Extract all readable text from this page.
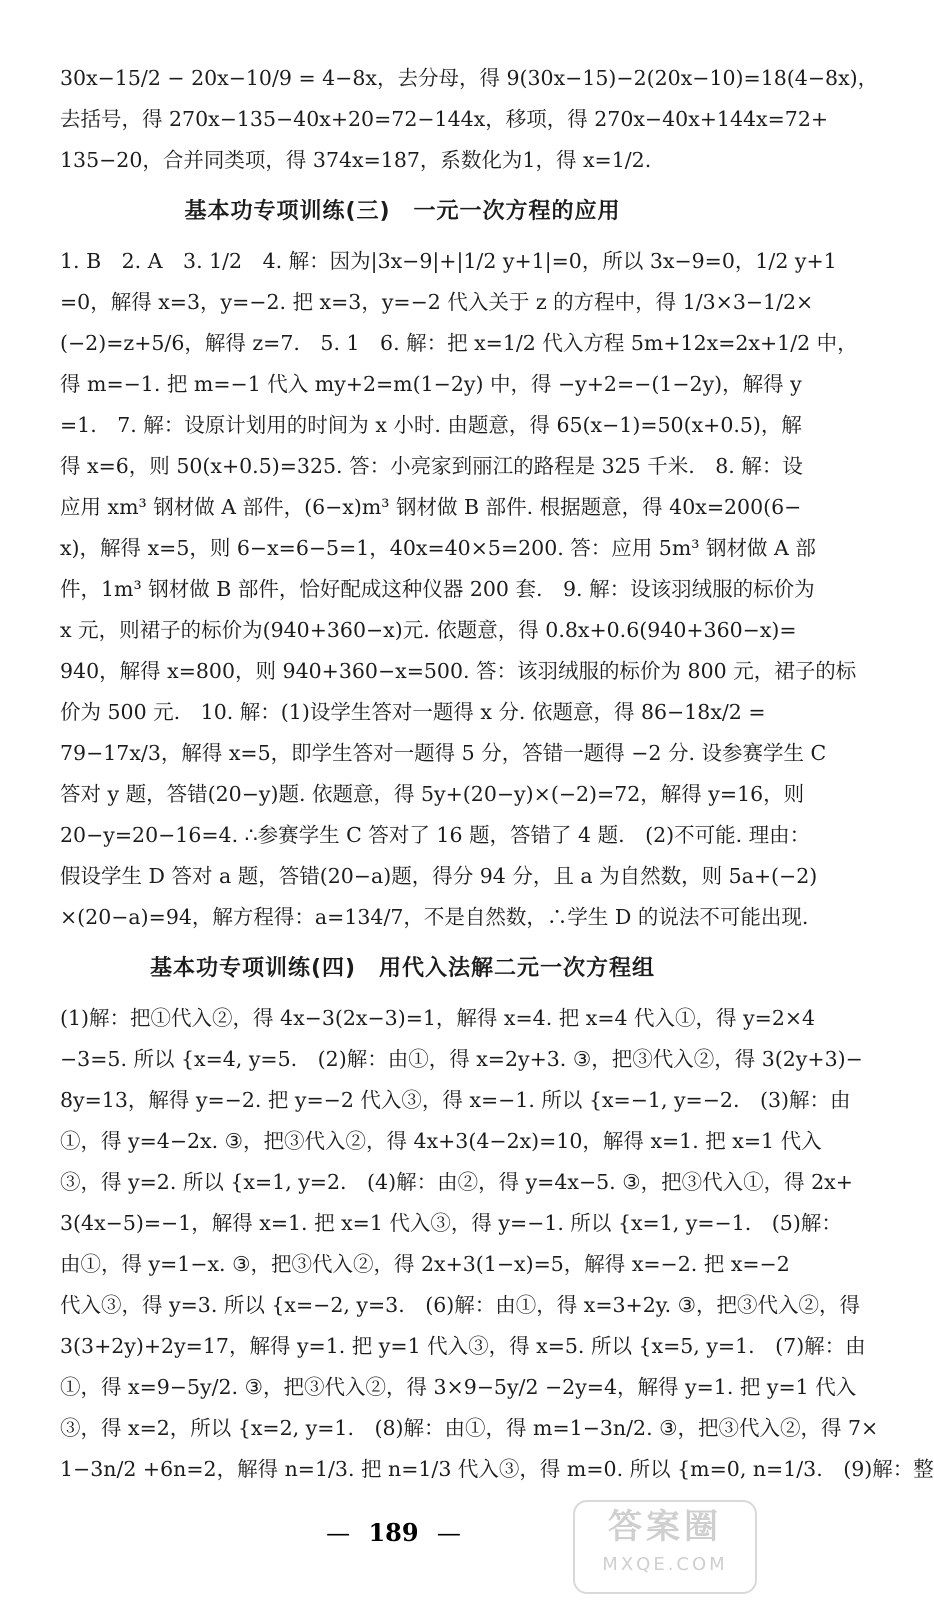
30x−15/2 − 20x−10/9 = 4−8x，去分母，得 9(30x−15)−2(20x−10)=18(4−8x)，
去括号，得 270x−135−40x+20=72−144x，移项，得 270x−40x+144x=72+
135−20，合并同类项，得 374x=187，系数化为1，得 x=1/2.
基本功专项训练(三)　一元一次方程的应用
1. B　2. A　3. 1/2　4. 解：因为|3x−9|+|1/2 y+1|=0，所以 3x−9=0，1/2 y+1
=0，解得 x=3，y=−2. 把 x=3，y=−2 代入关于 z 的方程中，得 1/3×3−1/2×
(−2)=z+5/6，解得 z=7.　5. 1　6. 解：把 x=1/2 代入方程 5m+12x=2x+1/2 中，
得 m=−1. 把 m=−1 代入 my+2=m(1−2y) 中，得 −y+2=−(1−2y)，解得 y
=1.　7. 解：设原计划用的时间为 x 小时. 由题意，得 65(x−1)=50(x+0.5)，解
得 x=6，则 50(x+0.5)=325. 答：小亮家到丽江的路程是 325 千米.　8. 解：设
应用 xm³ 钢材做 A 部件，(6−x)m³ 钢材做 B 部件. 根据题意，得 40x=200(6−
x)，解得 x=5，则 6−x=6−5=1，40x=40×5=200. 答：应用 5m³ 钢材做 A 部
件，1m³ 钢材做 B 部件，恰好配成这种仪器 200 套.　9. 解：设该羽绒服的标价为
x 元，则裙子的标价为(940+360−x)元. 依题意，得 0.8x+0.6(940+360−x)=
940，解得 x=800，则 940+360−x=500. 答：该羽绒服的标价为 800 元，裙子的标
价为 500 元.　10. 解：(1)设学生答对一题得 x 分. 依题意，得 86−18x/2 =
79−17x/3，解得 x=5，即学生答对一题得 5 分，答错一题得 −2 分. 设参赛学生 C
答对 y 题，答错(20−y)题. 依题意，得 5y+(20−y)×(−2)=72，解得 y=16，则
20−y=20−16=4. ∴参赛学生 C 答对了 16 题，答错了 4 题.　(2)不可能. 理由：
假设学生 D 答对 a 题，答错(20−a)题，得分 94 分，且 a 为自然数，则 5a+(−2)
×(20−a)=94，解方程得：a=134/7，不是自然数，∴学生 D 的说法不可能出现.
基本功专项训练(四)　用代入法解二元一次方程组
(1)解：把①代入②，得 4x−3(2x−3)=1，解得 x=4. 把 x=4 代入①，得 y=2×4
−3=5. 所以 {x=4, y=5.　(2)解：由①，得 x=2y+3. ③，把③代入②，得 3(2y+3)−
8y=13，解得 y=−2. 把 y=−2 代入③，得 x=−1. 所以 {x=−1, y=−2.　(3)解：由
①，得 y=4−2x. ③，把③代入②，得 4x+3(4−2x)=10，解得 x=1. 把 x=1 代入
③，得 y=2. 所以 {x=1, y=2.　(4)解：由②，得 y=4x−5. ③，把③代入①，得 2x+
3(4x−5)=−1，解得 x=1. 把 x=1 代入③，得 y=−1. 所以 {x=1, y=−1.　(5)解：
由①，得 y=1−x. ③，把③代入②，得 2x+3(1−x)=5，解得 x=−2. 把 x=−2
代入③，得 y=3. 所以 {x=−2, y=3.　(6)解：由①，得 x=3+2y. ③，把③代入②，得
3(3+2y)+2y=17，解得 y=1. 把 y=1 代入③，得 x=5. 所以 {x=5, y=1.　(7)解：由
①，得 x=9−5y/2. ③，把③代入②，得 3×9−5y/2 −2y=4，解得 y=1. 把 y=1 代入
③，得 x=2，所以 {x=2, y=1.　(8)解：由①，得 m=1−3n/2. ③，把③代入②，得 7×
1−3n/2 +6n=2，解得 n=1/3. 把 n=1/3 代入③，得 m=0. 所以 {m=0, n=1/3.　(9)解：整
— 189 —	答案圈
MXQE.COM
